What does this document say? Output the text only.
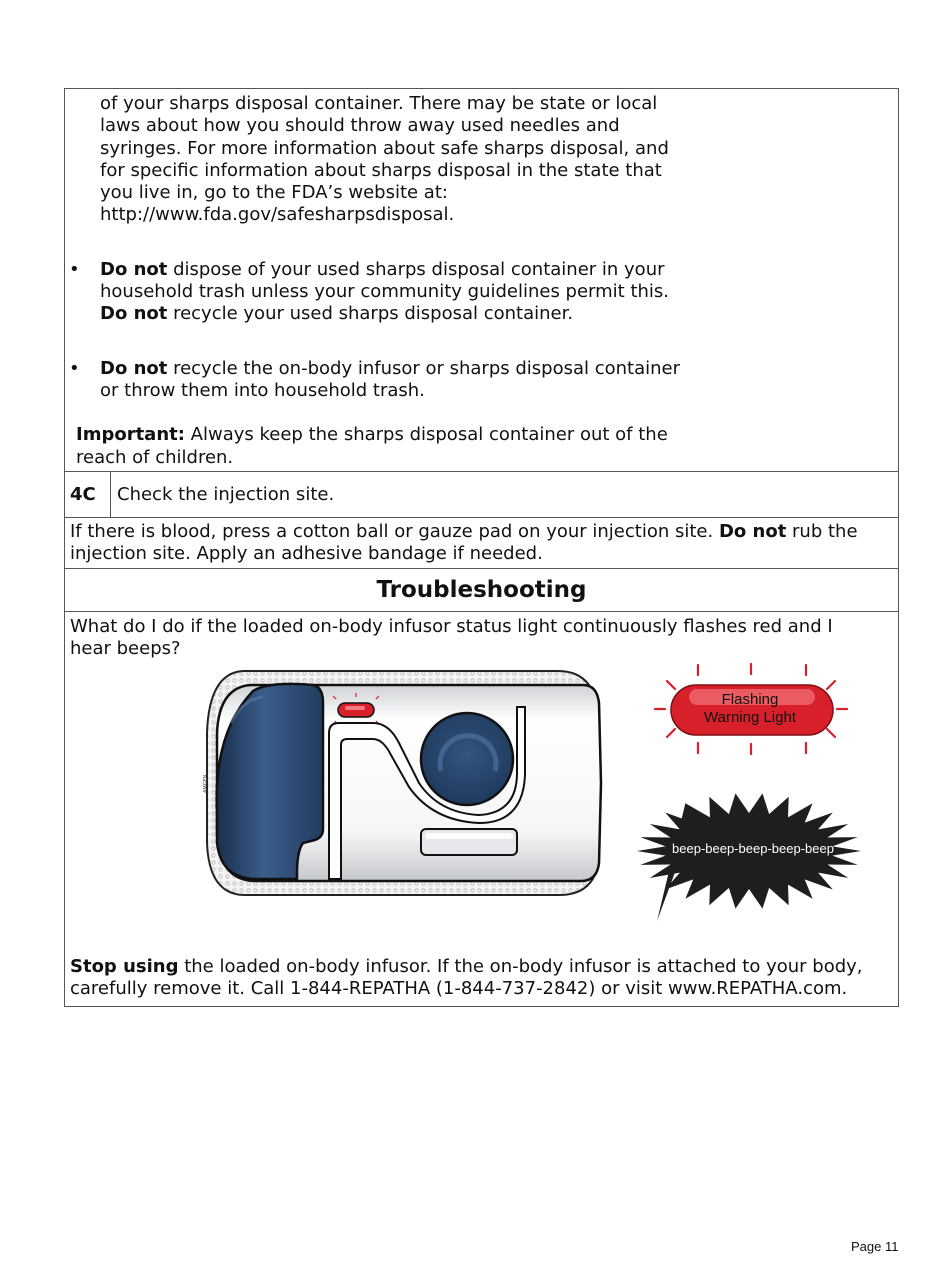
of your sharps disposal container. There may be state or local

laws about how you should throw away used needles and

syringes. For more information about safe sharps disposal, and

for specific information about sharps disposal in the state that

you live in, go to the FDA’s website at:

http://www.fda.gov/safesharpsdisposal.

• Do not dispose of your used sharps disposal container in your

household trash unless your community guidelines permit this.

Do not recycle your used sharps disposal container.

• Do not recycle the on-body infusor or sharps disposal container

or throw them into household trash.

Important: Always keep the sharps disposal container out of the

reach of children.

4C	Check the injection site.

If there is blood, press a cotton ball or gauze pad on your injection site. Do not rub the

injection site. Apply an adhesive bandage if needed.

Troubleshooting

What do I do if the loaded on-body infusor status light continuously flashes red and I

hear beeps?

AMGEN
Flashing
Warning Light
beep-beep-beep-beep-beep

Stop using the loaded on-body infusor. If the on-body infusor is attached to your body,

carefully remove it. Call 1-844-REPATHA (1-844-737-2842) or visit www.REPATHA.com.

Page 11
